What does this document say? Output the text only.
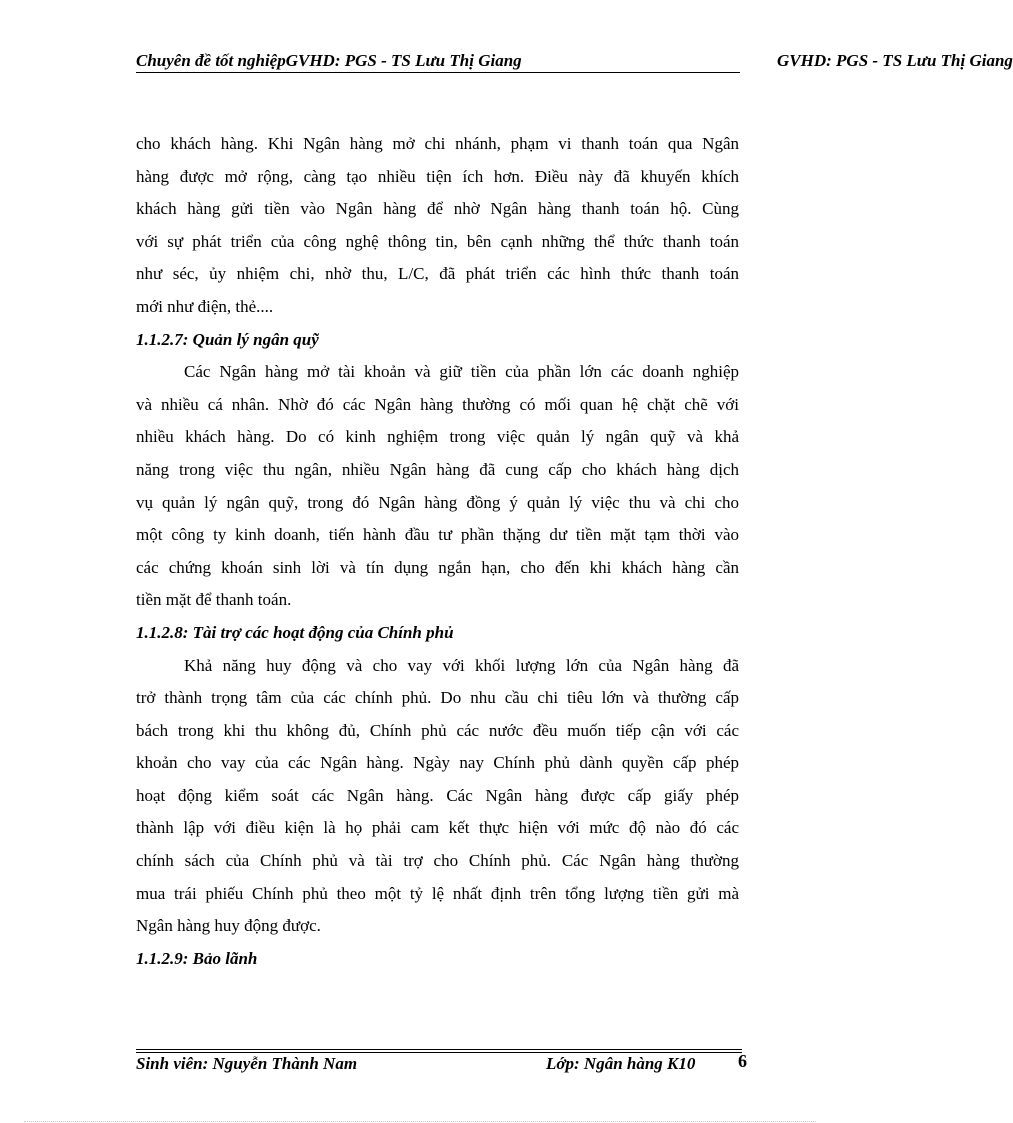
Chuyên đề tốt nghiệpGVHD: PGS - TS Lưu Thị Giang	GVHD: PGS - TS Lưu Thị Giang
cho khách hàng. Khi Ngân hàng mở chi nhánh, phạm vi thanh toán qua Ngân
hàng được mở rộng, càng tạo nhiều tiện ích hơn. Điều này đã khuyến khích
khách hàng gửi tiền vào Ngân hàng để nhờ Ngân hàng thanh toán hộ. Cùng
với sự phát triển của công nghệ thông tin, bên cạnh những thể thức thanh toán
như séc, ủy nhiệm chi, nhờ thu, L/C, đã phát triển các hình thức thanh toán
mới như điện, thẻ....
1.1.2.7: Quản lý ngân quỹ
Các Ngân hàng mở tài khoản và giữ tiền của phần lớn các doanh nghiệp
và nhiều cá nhân. Nhờ đó các Ngân hàng thường có mối quan hệ chặt chẽ với
nhiều khách hàng. Do có kinh nghiệm trong việc quản lý ngân quỹ và khả
năng trong việc thu ngân, nhiều Ngân hàng đã cung cấp cho khách hàng dịch
vụ quản lý ngân quỹ, trong đó Ngân hàng đồng ý quản lý việc thu và chi cho
một công ty kinh doanh, tiến hành đầu tư phần thặng dư tiền mặt tạm thời vào
các chứng khoán sinh lời và tín dụng ngắn hạn, cho đến khi khách hàng cần
tiền mặt để thanh toán.
1.1.2.8: Tài trợ các hoạt động của Chính phủ
Khả năng huy động và cho vay với khối lượng lớn của Ngân hàng đã
trở thành trọng tâm của các chính phủ. Do nhu cầu chi tiêu lớn và thường cấp
bách trong khi thu không đủ, Chính phủ các nước đều muốn tiếp cận với các
khoản cho vay của các Ngân hàng. Ngày nay Chính phủ dành quyền cấp phép
hoạt động kiểm soát các Ngân hàng. Các Ngân hàng được cấp giấy phép
thành lập với điều kiện là họ phải cam kết thực hiện với mức độ nào đó các
chính sách của Chính phủ và tài trợ cho Chính phủ. Các Ngân hàng thường
mua trái phiếu Chính phủ theo một tỷ lệ nhất định trên tổng lượng tiền gửi mà
Ngân hàng huy động được.
1.1.2.9: Bảo lãnh
Sinh viên: Nguyễn Thành Nam	Lớp: Ngân hàng K10 6
